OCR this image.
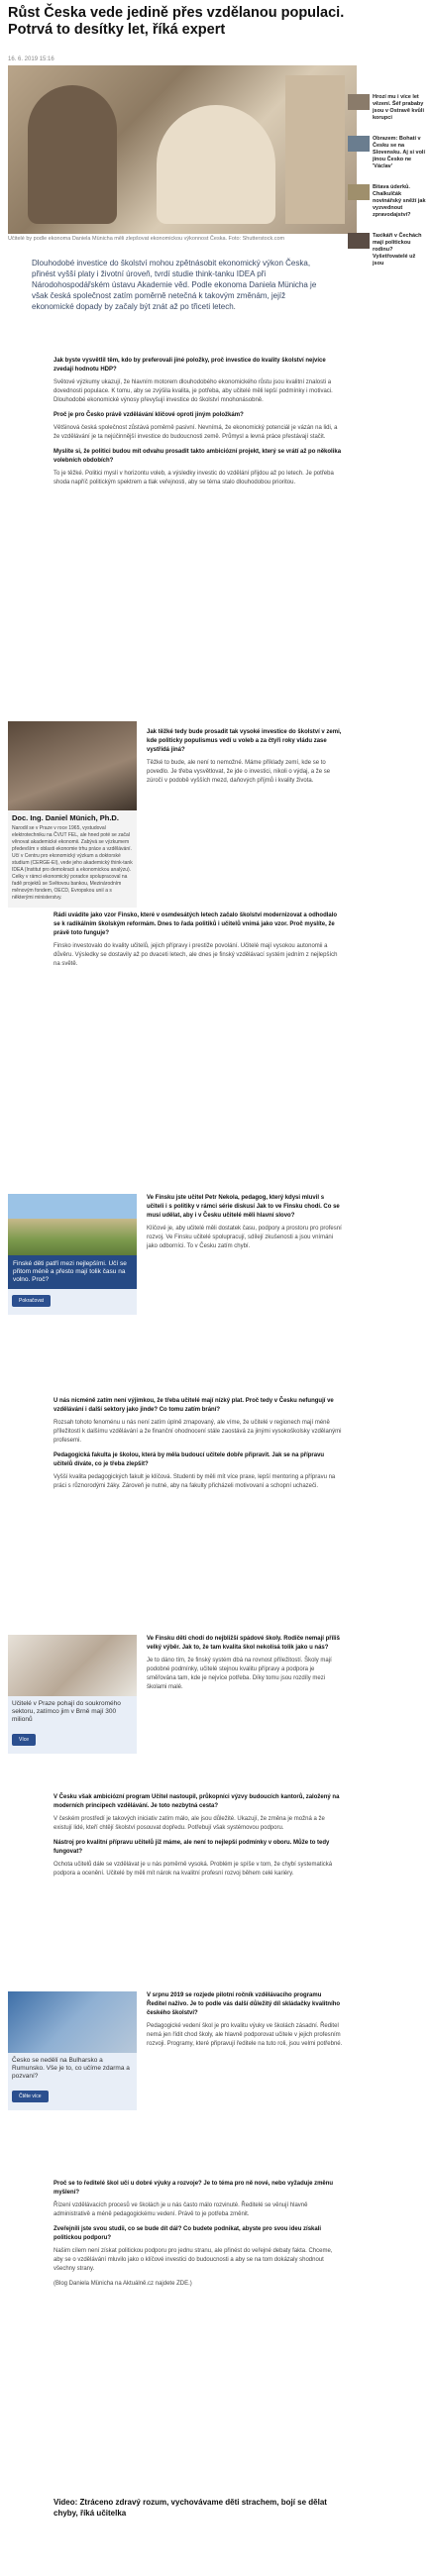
Růst Česka vede jedině přes vzdělanou populaci. Potrvá to desítky let, říká expert
16. 6. 2019 15:16
Učitelé by podle ekonoma Daniela Münicha měli zlepšovat ekonomickou výkonnost Česka. Foto: Shutterstock.com
Hrozí mu i více let vězení. Šéf prababy jsou v Ostravě kvůli korupci
Obrazem: Bohatí v Česku se na Slovensku. Aj si volí jinou Česko ne 'Václav'
Bitava úderků. Chalkulčák novinářský sněží jak vyzvednout zpravodajství?
Taxikáři v Čechách mají politickou rodinu? Vyšetřovatelé už jsou

Dlouhodobé investice do školství mohou zpětnásobit ekonomický výkon Česka, přinést vyšší platy i životní úroveň, tvrdí studie think-tanku IDEA při Národohospodářském ústavu Akademie věd. Podle ekonoma Daniela Münicha je však česká společnost zatím poměrně netečná k takovým změnám, jejíž ekonomické dopady by začaly být znát až po třiceti letech.

Jak byste vysvětlil těm, kdo by preferovali jiné položky, proč investice do kvality školství nejvíce zvedají hodnotu HDP?
Světové výzkumy ukazují, že hlavním motorem dlouhodobého ekonomického růstu jsou kvalitní znalosti a dovednosti populace. K tomu, aby se zvýšila kvalita, je potřeba, aby učitelé měli lepší podmínky i motivaci. Dlouhodobé ekonomické výnosy převyšují investice do školství mnohonásobně.
Proč je pro Česko právě vzdělávání klíčové oproti jiným položkám?
Většinová česká společnost zůstává poměrně pasivní. Nevnímá, že ekonomický potenciál je vázán na lidi, a že vzdělávání je ta nejúčinnější investice do budoucnosti země. Průmysl a levná práce přestávají stačit.
Myslíte si, že politici budou mít odvahu prosadit takto ambiciózní projekt, který se vrátí až po několika volebních obdobích?
To je těžké. Politici myslí v horizontu voleb, a výsledky investic do vzdělání přijdou až po letech. Je potřeba shoda napříč politickým spektrem a tlak veřejnosti, aby se téma stalo dlouhodobou prioritou.
Doc. Ing. Daniel Münich, Ph.D.
Narodil se v Praze v roce 1965, vystudoval elektrotechniku na ČVUT FEL, ale hned poté se začal věnovat akademické ekonomii. Zabývá se výzkumem především v oblasti ekonomie trhu práce a vzdělávání. Učí v Centru pro ekonomický výzkum a doktorské studium (CERGE-EI), vede jeho akademický think-tank IDEA (Institut pro demokracii a ekonomickou analýzu). Celky v rámci ekonomický poradce spolupracoval na řadě projektů se Světovou bankou, Mezinárodním měnovým fondem, OECD, Evropskou unií a s některými ministerstvy.
Jak těžké tedy bude prosadit tak vysoké investice do školství v zemi, kde politicky populismus vedí u voleb a za čtyři roky vládu zase vystřídá jiná?
Těžké to bude, ale není to nemožné. Máme příklady zemí, kde se to povedlo. Je třeba vysvětlovat, že jde o investici, nikoli o výdaj, a že se zúročí v podobě vyšších mezd, daňových příjmů i kvality života.
Rádi uvádíte jako vzor Finsko, které v osmdesátých letech začalo školství modernizovat a odhodlalo se k radikálním školským reformám. Dnes to řada politiků i učitelů vnímá jako vzor. Proč myslíte, že právě toto funguje?
Finsko investovalo do kvality učitelů, jejich přípravy i prestiže povolání. Učitelé mají vysokou autonomii a důvěru. Výsledky se dostavily až po dvaceti letech, ale dnes je finský vzdělávací systém jedním z nejlepších na světě.
Finské děti patří mezi nejlepšími. Učí se přitom méně a přesto mají tolik času na volno. Proč?
Pokračovat
Ve Finsku jste učitel Petr Nekola, pedagog, který kdysi mluvil s učiteli i s politiky v rámci série diskusí Jak to ve Finsku chodí. Co se musí udělat, aby i v Česku učitelé měli hlavní slovo?
Klíčové je, aby učitelé měli dostatek času, podpory a prostoru pro profesní rozvoj. Ve Finsku učitelé spolupracují, sdílejí zkušenosti a jsou vnímáni jako odborníci. To v Česku zatím chybí.
U nás nicméně zatím není výjimkou, že třeba učitelé mají nízký plat. Proč tedy v Česku nefungují ve vzdělávání i další sektory jako jinde? Co tomu zatím brání?
Rozsah tohoto fenoménu u nás není zatím úplně zmapovaný, ale víme, že učitelé v regionech mají méně příležitostí k dalšímu vzdělávání a že finanční ohodnocení stále zaostává za jinými vysokoškolsky vzdělanými profesemi.
Pedagogická fakulta je školou, která by měla budoucí učitele dobře připravit. Jak se na přípravu učitelů díváte, co je třeba zlepšit?
Vyšší kvalita pedagogických fakult je klíčová. Studenti by měli mít více praxe, lepší mentoring a přípravu na práci s různorodými žáky. Zároveň je nutné, aby na fakulty přicházeli motivovaní a schopní uchazeči.
Učitelé v Praze pohají do soukromého sektoru, zatímco jim v Brně mají 300 milionů
Více
Ve Finsku děti chodí do nejbližší spádové školy. Rodiče nemají příliš velký výběr. Jak to, že tam kvalita škol nekolísá tolik jako u nás?
Je to dáno tím, že finský systém dbá na rovnost příležitostí. Školy mají podobné podmínky, učitelé stejnou kvalitu přípravy a podpora je směřována tam, kde je nejvíce potřeba. Díky tomu jsou rozdíly mezi školami malé.
V Česku však ambiciózní program Učitel nastoupil, průkopníci výzvy budoucích kantorů, založený na moderních principech vzdělávání. Je toto nezbytná cesta?
V českém prostředí je takových iniciativ zatím málo, ale jsou důležité. Ukazují, že změna je možná a že existují lidé, kteří chtějí školství posouvat dopředu. Potřebují však systémovou podporu.
Nástroj pro kvalitní přípravu učitelů již máme, ale není to nejlepší podmínky v oboru. Může to tedy fungovat?
Ochota učitelů dále se vzdělávat je u nás poměrně vysoká. Problém je spíše v tom, že chybí systematická podpora a ocenění. Učitelé by měli mít nárok na kvalitní profesní rozvoj během celé kariéry.
Česko se nedělí na Bulharsko a Rumunsko. Vše je to, co učíme zdarma a pozvaní?
Čtěte více
V srpnu 2019 se rozjede pilotní ročník vzdělávacího programu Ředitel naživo. Je to podle vás další důležitý díl skládačky kvalitního českého školství?
Pedagogické vedení škol je pro kvalitu výuky ve školách zásadní. Ředitel nemá jen řídit chod školy, ale hlavně podporovat učitele v jejich profesním rozvoji. Programy, které připravují ředitele na tuto roli, jsou velmi potřebné.
Proč se to ředitelé škol učí u dobré výuky a rozvoje? Je to téma pro ně nové, nebo vyžaduje změnu myšlení?
Řízení vzdělávacích procesů ve školách je u nás často málo rozvinuté. Ředitelé se věnují hlavně administrativě a méně pedagogickému vedení. Právě to je potřeba změnit.
Zveřejnili jste svou studii, co se bude dít dál? Co budete podnikat, abyste pro svou ideu získali politickou podporu?
Našim cílem není získat politickou podporu pro jednu stranu, ale přinést do veřejné debaty fakta. Chceme, aby se o vzdělávání mluvilo jako o klíčové investici do budoucnosti a aby se na tom dokázaly shodnout všechny strany.
(Blog Daniela Münicha na Aktuálně.cz najdete ZDE.)
Video: Ztráceno zdravý rozum, vychovávame děti strachem, bojí se dělat chyby, říká učitelka
